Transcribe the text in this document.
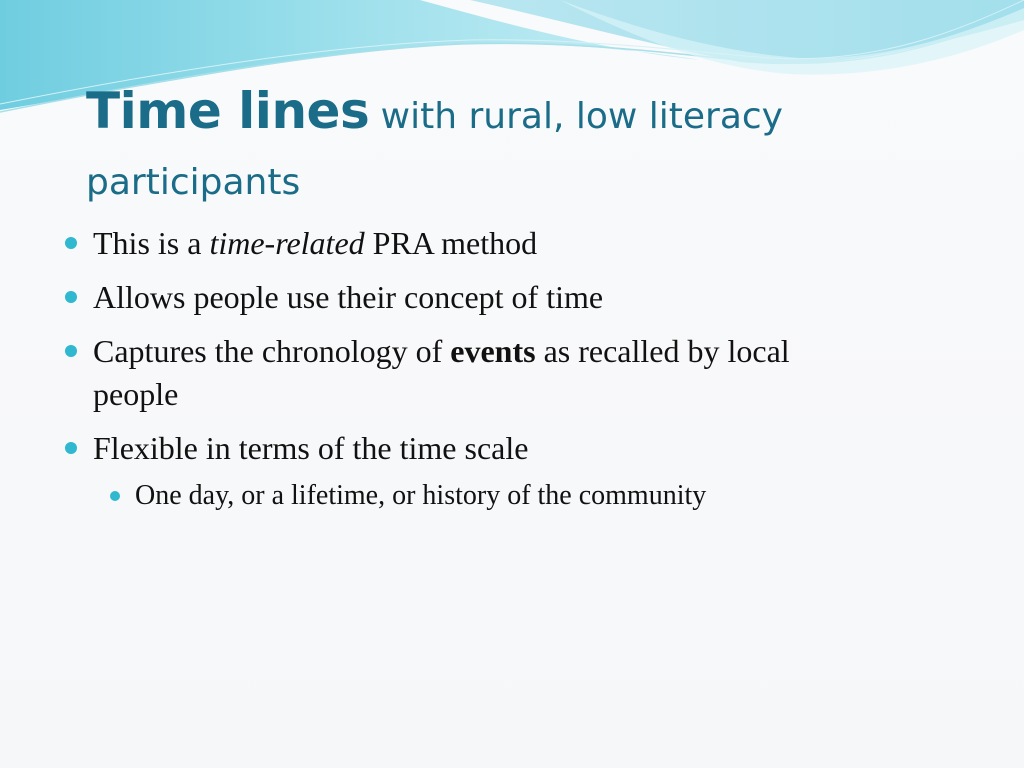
Time lines with rural, low literacy
participants
This is a time-related PRA method
Allows people use their concept of time
Captures the chronology of events as recalled by local
people
Flexible in terms of the time scale
One day, or a lifetime, or history of the community
